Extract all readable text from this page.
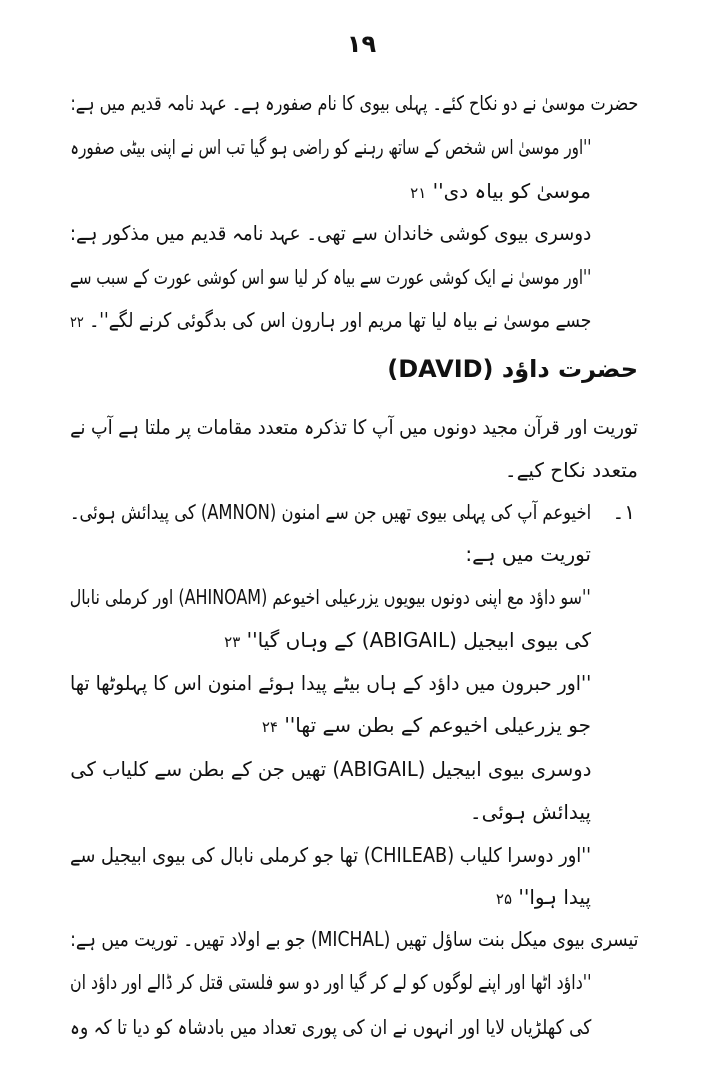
۱۹
حضرت موسیٰ نے دو نکاح کئے۔ پہلی بیوی کا نام صفورہ ہے۔ عہد نامہ قدیم میں ہے:
''اور موسیٰ اس شخص کے ساتھ رہنے کو راضی ہو گیا تب اس نے اپنی بیٹی صفورہ
موسیٰ کو بیاہ دی'' ۲۱
دوسری بیوی کوشی خاندان سے تھی۔ عہد نامہ قدیم میں مذکور ہے:
''اور موسیٰ نے ایک کوشی عورت سے بیاہ کر لیا سو اس کوشی عورت کے سبب سے
جسے موسیٰ نے بیاہ لیا تھا مریم اور ہارون اس کی بدگوئی کرنے لگے''۔ ۲۲
حضرت داؤد (DAVID)
توریت اور قرآن مجید دونوں میں آپ کا تذکرہ متعدد مقامات پر ملتا ہے آپ نے
متعدد نکاح کیے۔
۱۔
اخیوعم آپ کی پہلی بیوی تھیں جن سے امنون (AMNON) کی پیدائش ہوئی۔
توریت میں ہے:
''سو داؤد مع اپنی دونوں بیویوں یزرعیلی اخیوعم (AHINOAM) اور کرملی نابال
کی بیوی ابیجیل (ABIGAIL) کے وہاں گیا'' ۲۳
''اور حبرون میں داؤد کے ہاں بیٹے پیدا ہوئے امنون اس کا پہلوٹھا تھا
جو یزرعیلی اخیوعم کے بطن سے تھا'' ۲۴
دوسری بیوی ابیجیل (ABIGAIL) تھیں جن کے بطن سے کلیاب کی
پیدائش ہوئی۔
''اور دوسرا کلیاب (CHILEAB) تھا جو کرملی نابال کی بیوی ابیجیل سے
پیدا ہوا'' ۲۵
تیسری بیوی میکل بنت ساؤل تھیں (MICHAL) جو بے اولاد تھیں۔ توریت میں ہے:
''داؤد اٹھا اور اپنے لوگوں کو لے کر گیا اور دو سو فلستی قتل کر ڈالے اور داؤد ان
کی کھلڑیاں لایا اور انہوں نے ان کی پوری تعداد میں بادشاہ کو دیا تا کہ وہ
